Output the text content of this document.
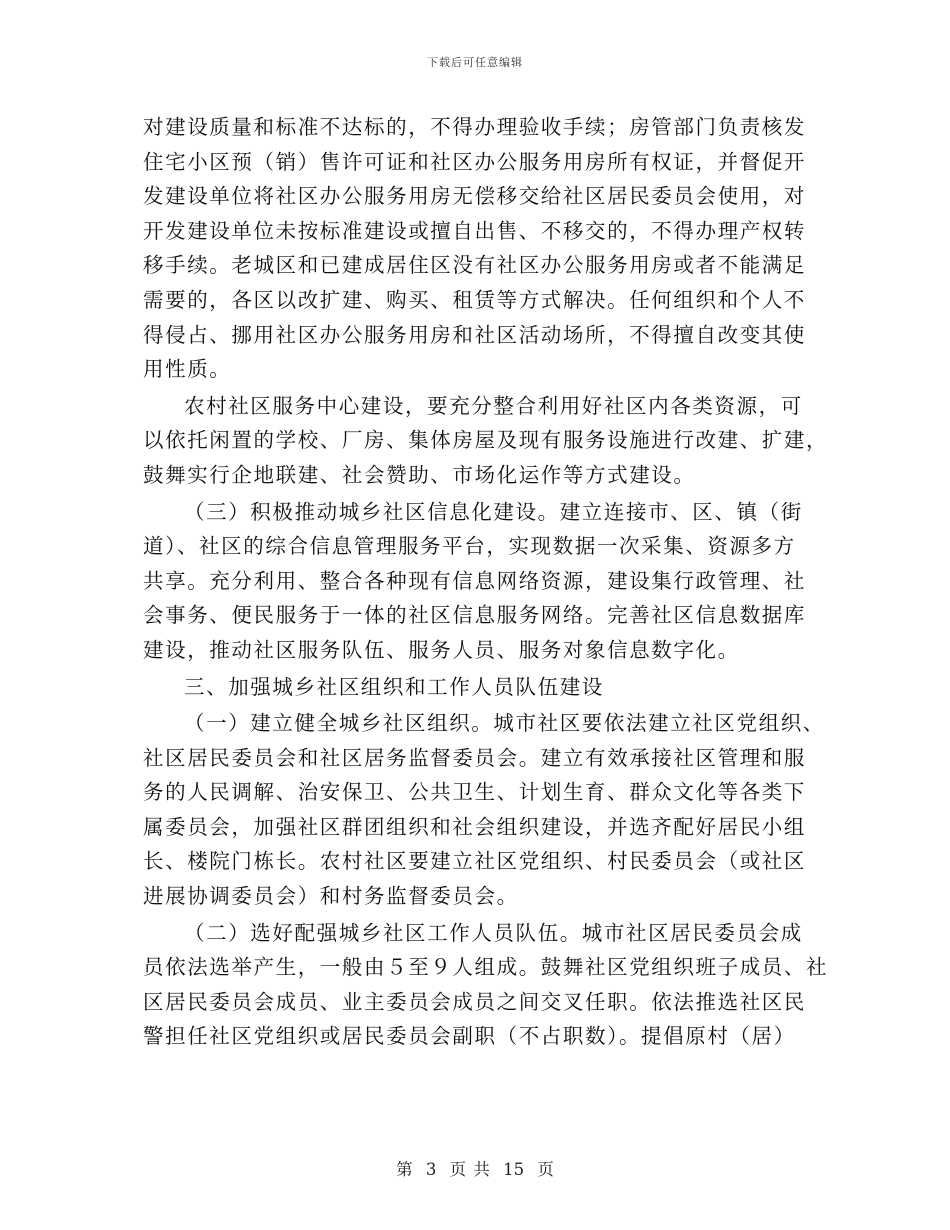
下载后可任意编辑

对建设质量和标准不达标的，不得办理验收手续；房管部门负责核发
住宅小区预（销）售许可证和社区办公服务用房所有权证，并督促开
发建设单位将社区办公服务用房无偿移交给社区居民委员会使用，对
开发建设单位未按标准建设或擅自出售、不移交的，不得办理产权转
移手续。老城区和已建成居住区没有社区办公服务用房或者不能满足
需要的，各区以改扩建、购买、租赁等方式解决。任何组织和个人不
得侵占、挪用社区办公服务用房和社区活动场所，不得擅自改变其使
用性质。

农村社区服务中心建设，要充分整合利用好社区内各类资源，可
以依托闲置的学校、厂房、集体房屋及现有服务设施进行改建、扩建，
鼓舞实行企地联建、社会赞助、市场化运作等方式建设。

（三）积极推动城乡社区信息化建设。建立连接市、区、镇（街
道）、社区的综合信息管理服务平台，实现数据一次采集、资源多方
共享。充分利用、整合各种现有信息网络资源，建设集行政管理、社
会事务、便民服务于一体的社区信息服务网络。完善社区信息数据库
建设，推动社区服务队伍、服务人员、服务对象信息数字化。

三、加强城乡社区组织和工作人员队伍建设

（一）建立健全城乡社区组织。城市社区要依法建立社区党组织、
社区居民委员会和社区居务监督委员会。建立有效承接社区管理和服
务的人民调解、治安保卫、公共卫生、计划生育、群众文化等各类下
属委员会，加强社区群团组织和社会组织建设，并选齐配好居民小组
长、楼院门栋长。农村社区要建立社区党组织、村民委员会（或社区
进展协调委员会）和村务监督委员会。

（二）选好配强城乡社区工作人员队伍。城市社区居民委员会成
员依法选举产生，一般由５至９人组成。鼓舞社区党组织班子成员、社
区居民委员会成员、业主委员会成员之间交叉任职。依法推选社区民
警担任社区党组织或居民委员会副职（不占职数）。提倡原村（居）

第 3 页 共 15 页
